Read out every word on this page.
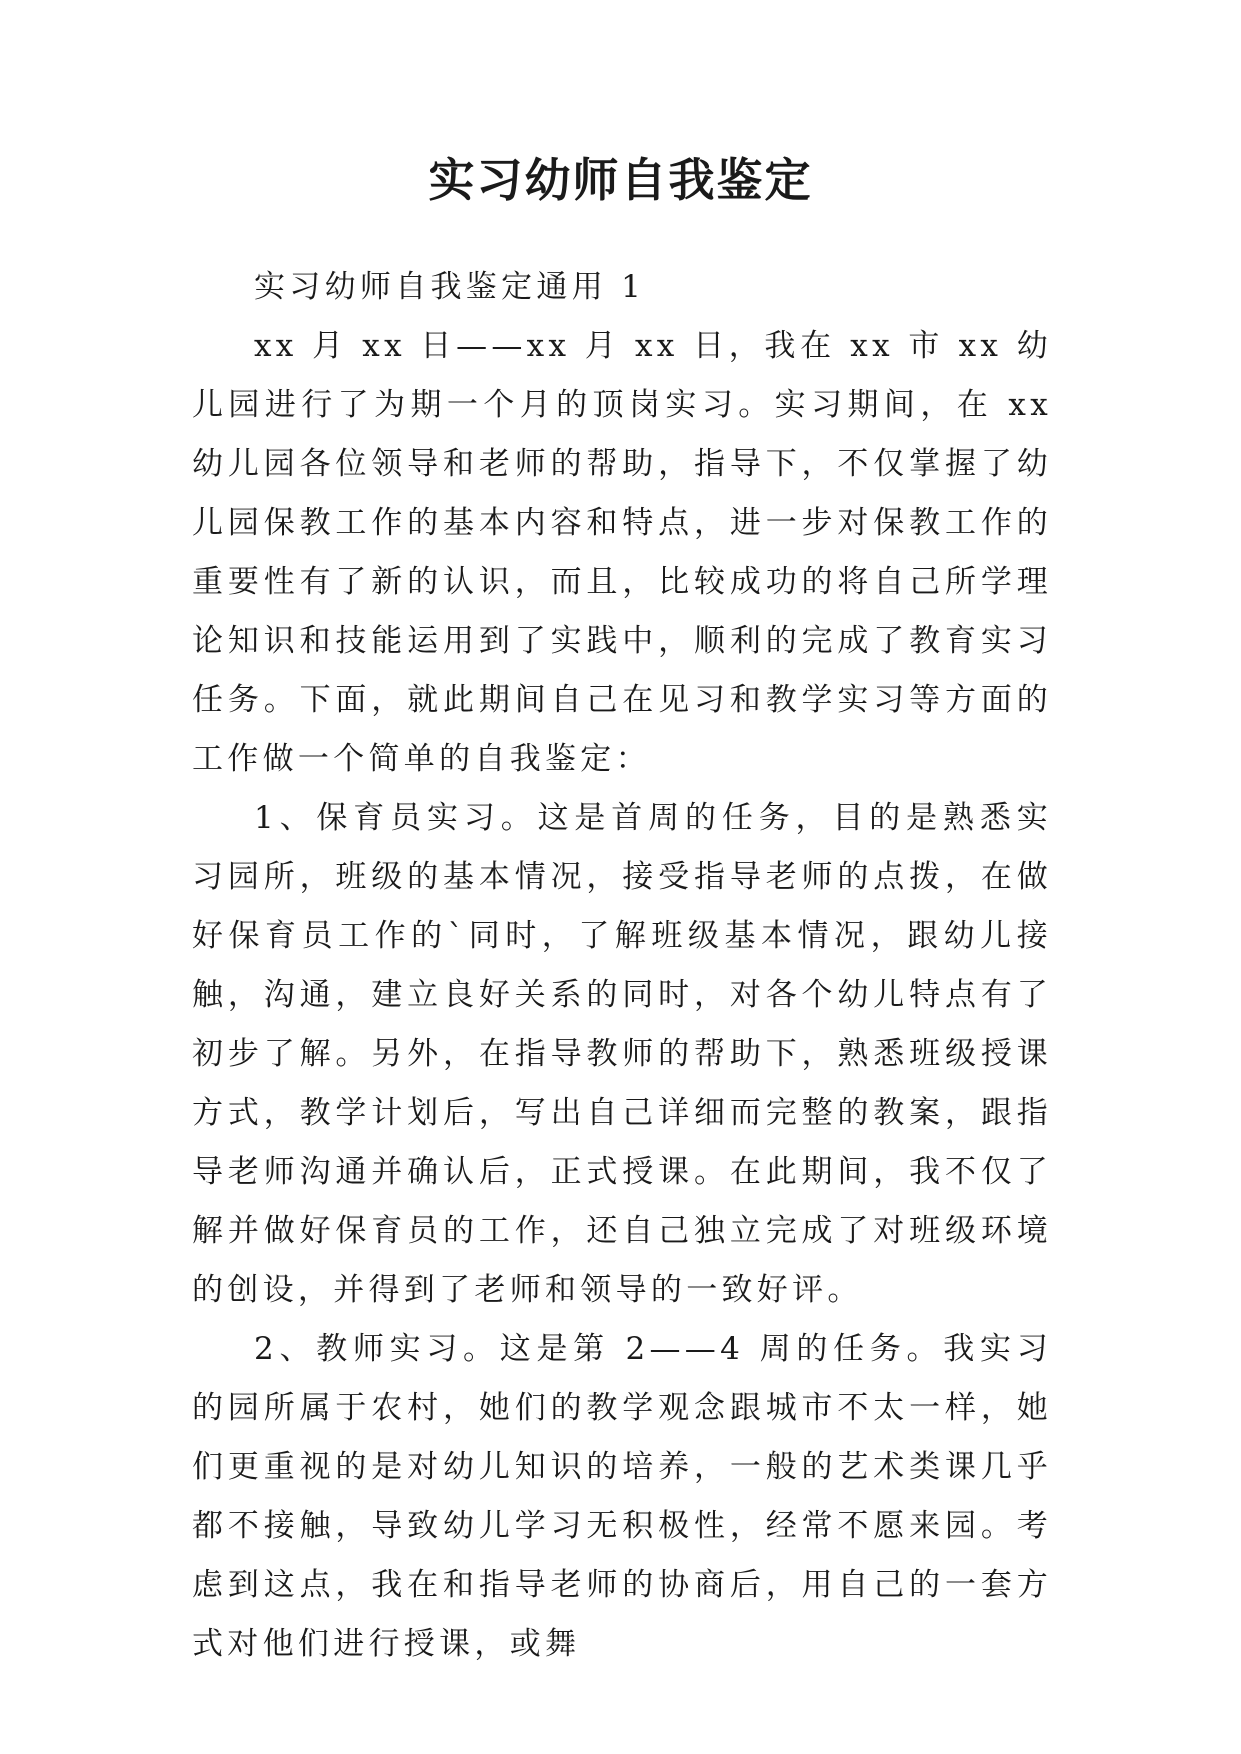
实习幼师自我鉴定

实习幼师自我鉴定通用 1

xx 月 xx 日——xx 月 xx 日，我在 xx 市 xx 幼儿园进行了为期一个月的顶岗实习。实习期间，在 xx 幼儿园各位领导和老师的帮助，指导下，不仅掌握了幼儿园保教工作的基本内容和特点，进一步对保教工作的重要性有了新的认识，而且，比较成功的将自己所学理论知识和技能运用到了实践中，顺利的完成了教育实习任务。下面，就此期间自己在见习和教学实习等方面的工作做一个简单的自我鉴定：

1、保育员实习。这是首周的任务，目的是熟悉实习园所，班级的基本情况，接受指导老师的点拨，在做好保育员工作的`同时，了解班级基本情况，跟幼儿接触，沟通，建立良好关系的同时，对各个幼儿特点有了初步了解。另外，在指导教师的帮助下，熟悉班级授课方式，教学计划后，写出自己详细而完整的教案，跟指导老师沟通并确认后，正式授课。在此期间，我不仅了解并做好保育员的工作，还自己独立完成了对班级环境的创设，并得到了老师和领导的一致好评。

2、教师实习。这是第 2——4 周的任务。我实习的园所属于农村，她们的教学观念跟城市不太一样，她们更重视的是对幼儿知识的培养，一般的艺术类课几乎都不接触，导致幼儿学习无积极性，经常不愿来园。考虑到这点，我在和指导老师的协商后，用自己的一套方式对他们进行授课，或舞
